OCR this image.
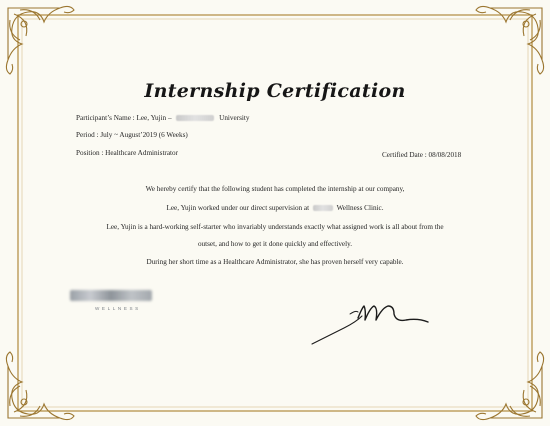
Internship Certification
Participant’s Name : Lee, Yujin –	University
Period : July ~ August’2019 (6 Weeks)
Position : Healthcare Administrator	Certified Date : 08/08/2018
We hereby certify that the following student has completed the internship at our company,
Lee, Yujin worked under our direct supervision at	Wellness Clinic.
Lee, Yujin is a hard-working self-starter who invariably understands exactly what assigned work is all about from the
outset, and how to get it done quickly and effectively.
During her short time as a Healthcare Administrator, she has proven herself very capable.
WELLNESS
